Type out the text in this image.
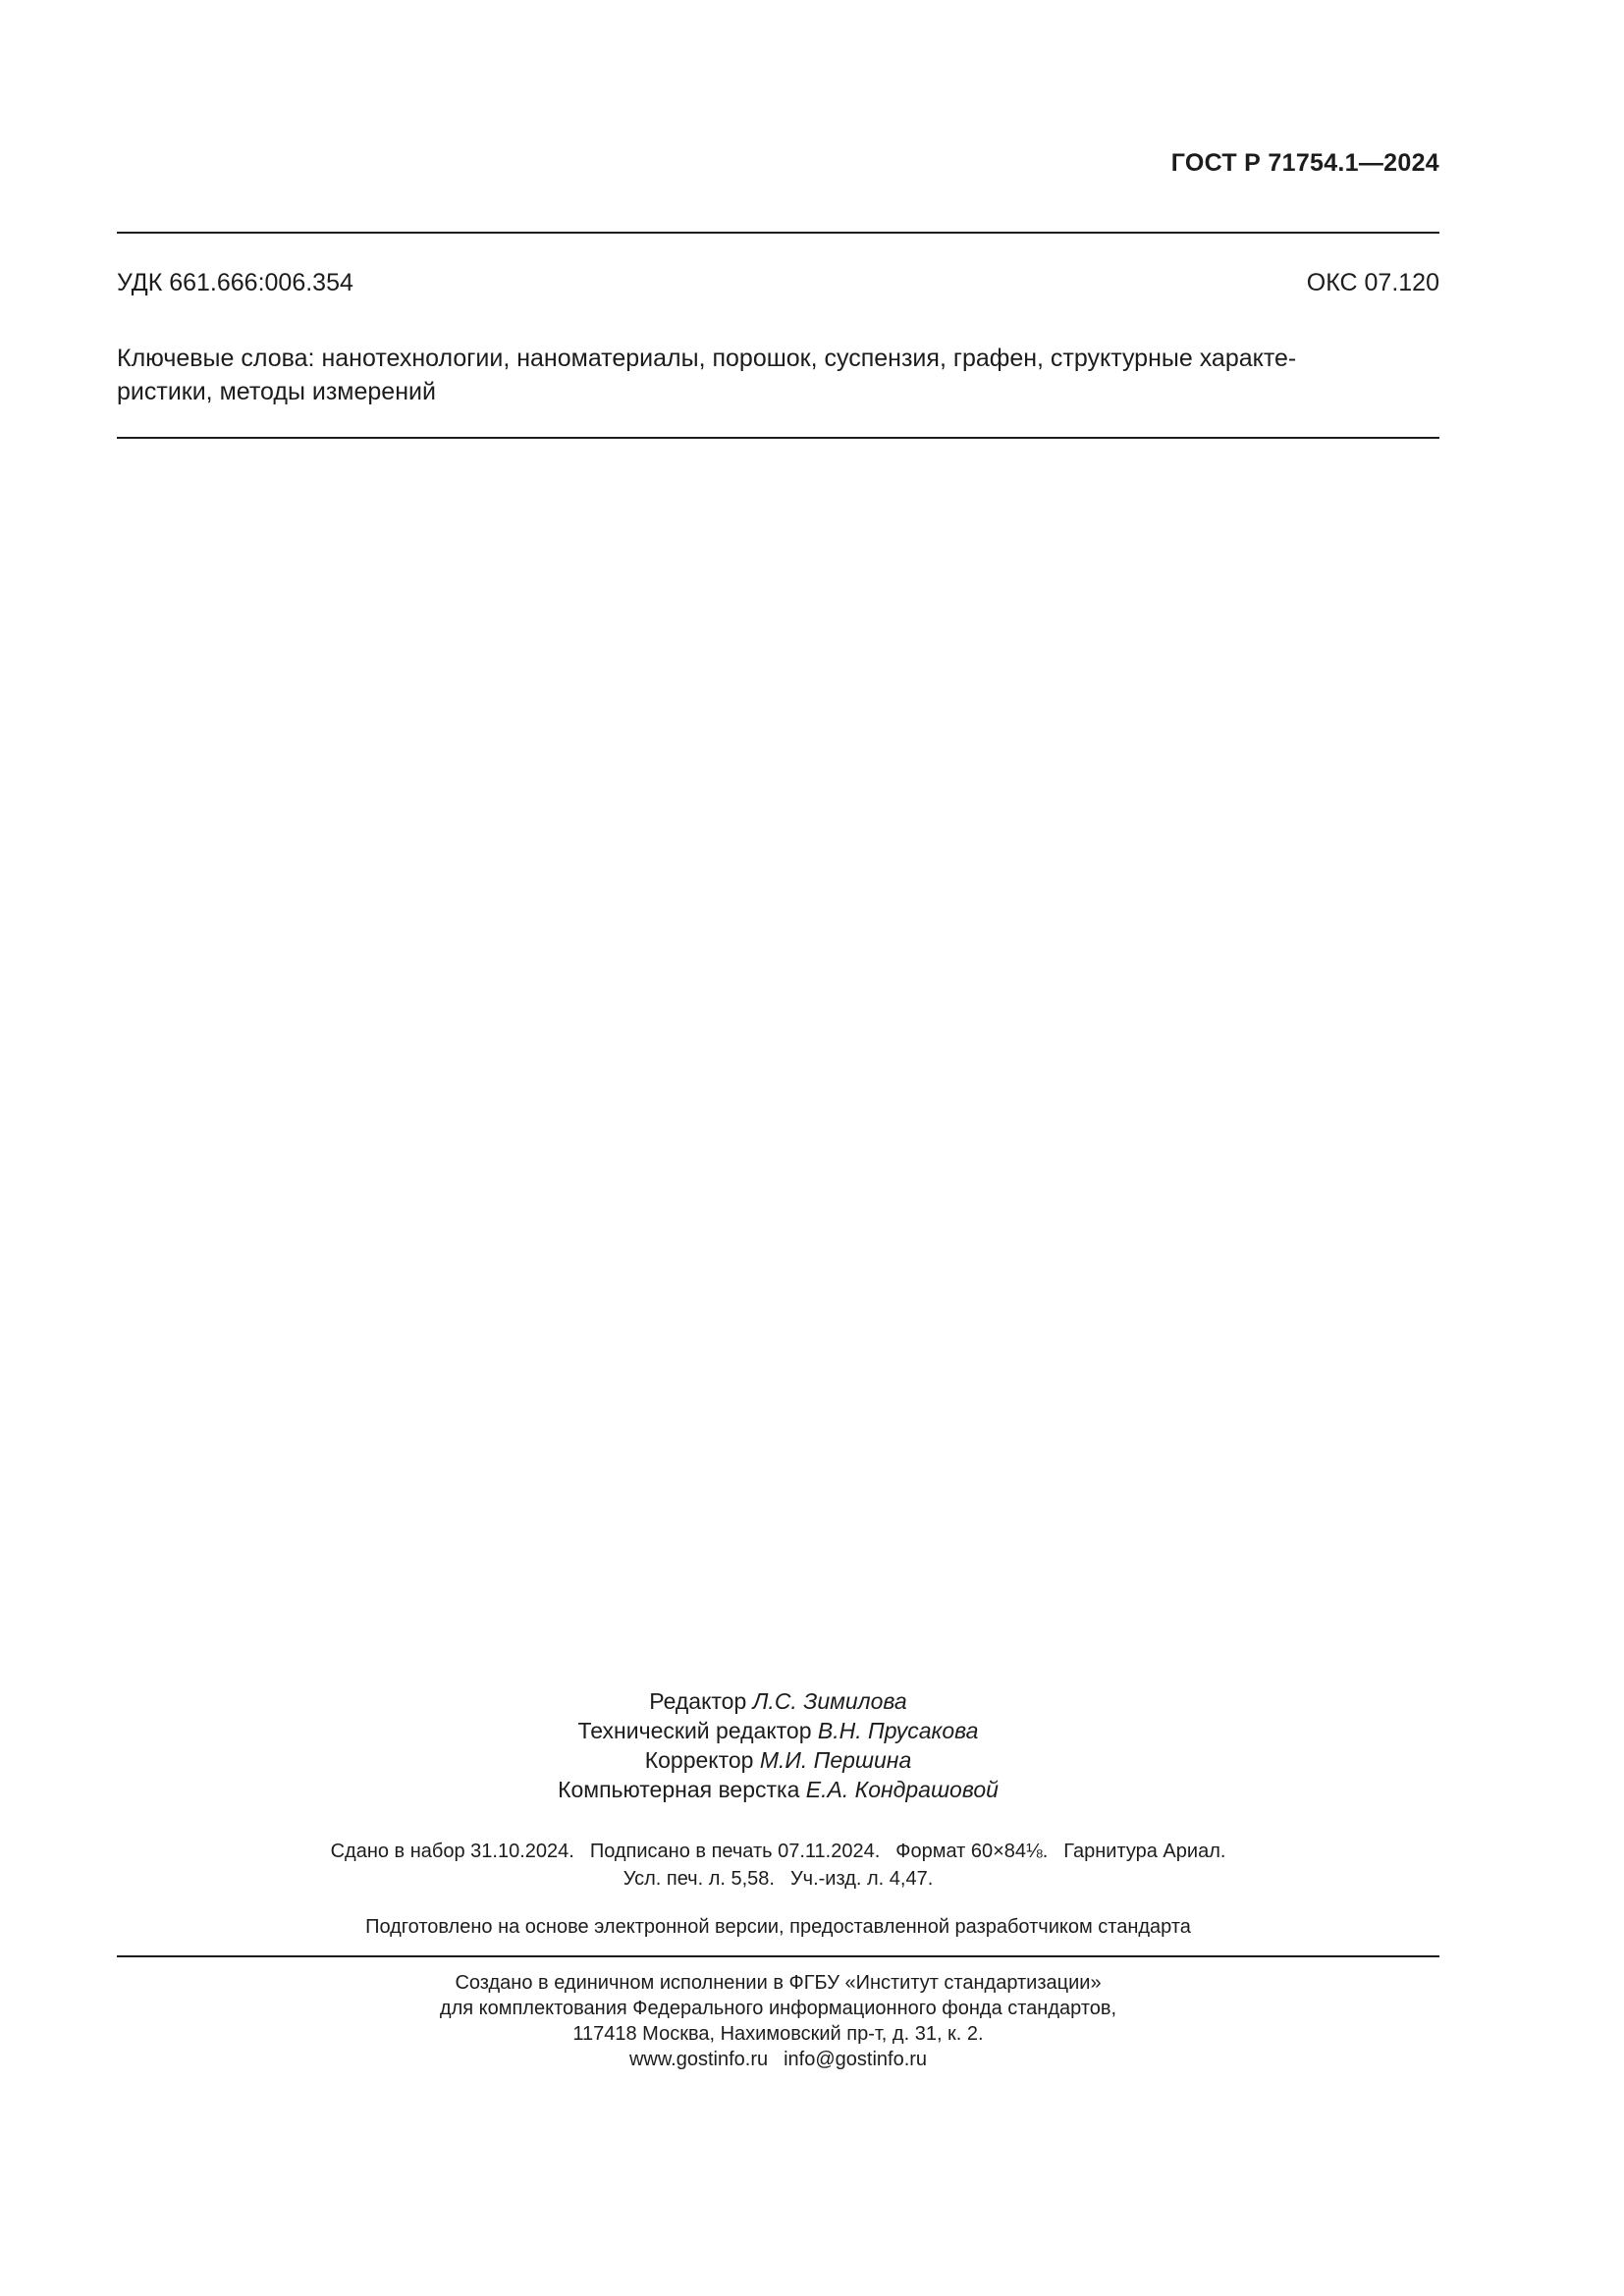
ГОСТ Р 71754.1—2024
УДК 661.666:006.354	ОКС 07.120
Ключевые слова: нанотехнологии, наноматериалы, порошок, суспензия, графен, структурные характе-
ристики, методы измерений
Редактор Л.С. Зимилова
Технический редактор В.Н. Прусакова
Корректор М.И. Першина
Компьютерная верстка Е.А. Кондрашовой
Сдано в набор 31.10.2024. Подписано в печать 07.11.2024. Формат 60×84⅛. Гарнитура Ариал.
Усл. печ. л. 5,58. Уч.-изд. л. 4,47.
Подготовлено на основе электронной версии, предоставленной разработчиком стандарта
Создано в единичном исполнении в ФГБУ «Институт стандартизации»
для комплектования Федерального информационного фонда стандартов,
117418 Москва, Нахимовский пр-т, д. 31, к. 2.
www.gostinfo.ru info@gostinfo.ru
